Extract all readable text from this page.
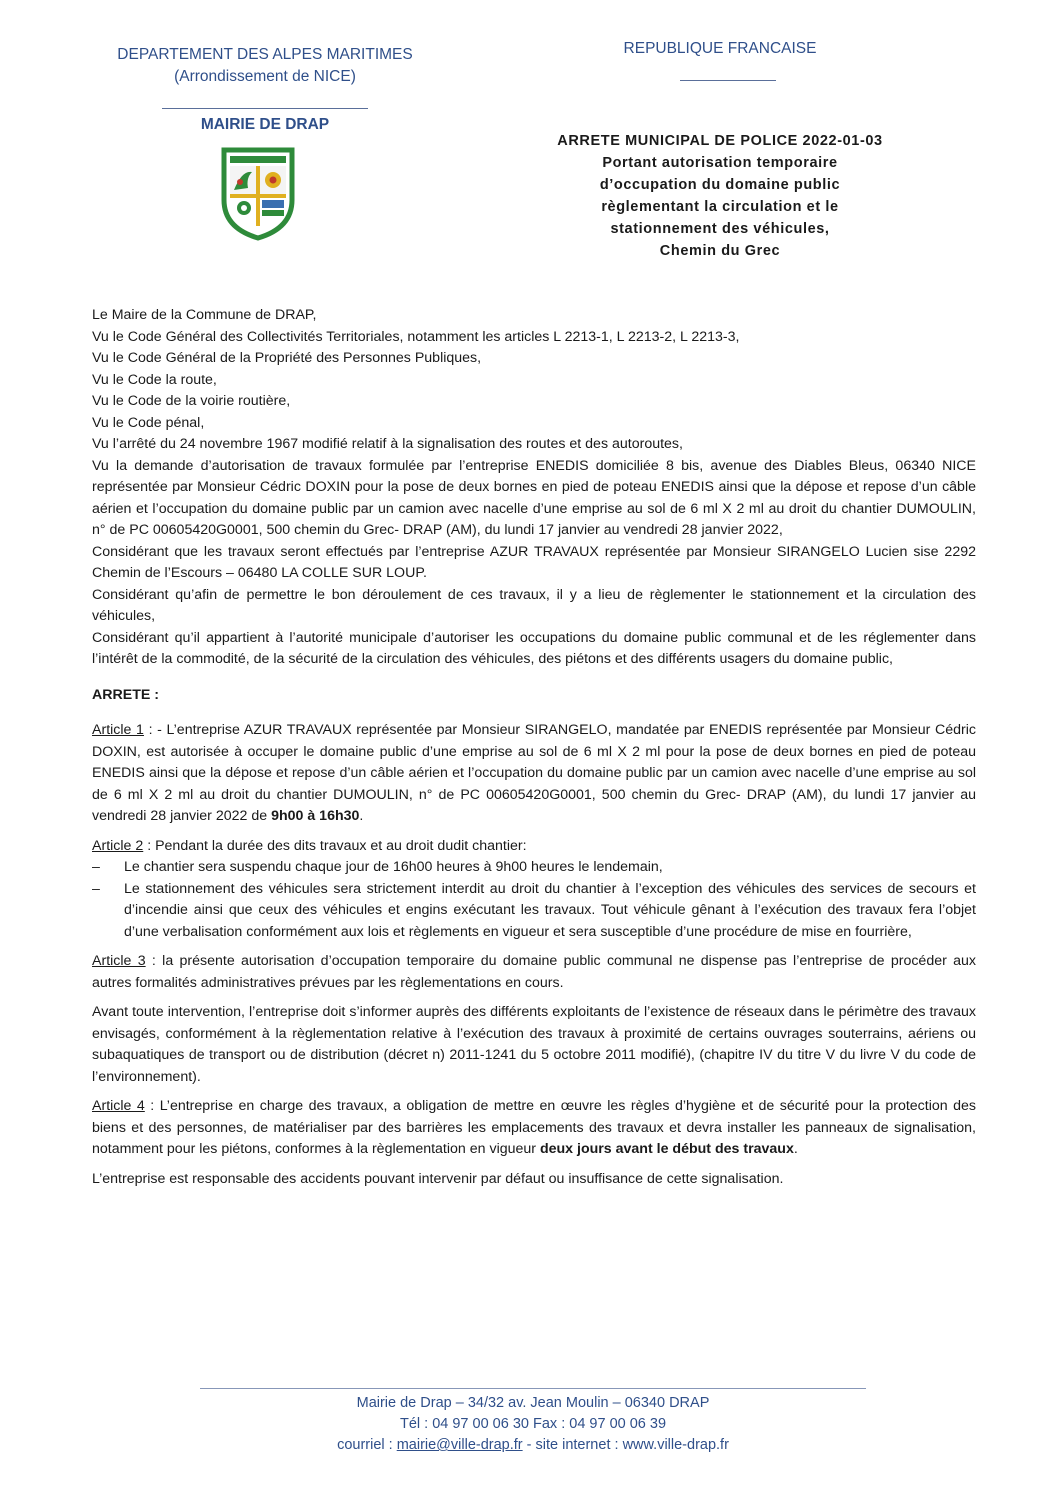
DEPARTEMENT DES ALPES MARITIMES
(Arrondissement de NICE)
MAIRIE DE DRAP
REPUBLIQUE FRANCAISE
ARRETE MUNICIPAL DE POLICE 2022-01-03
Portant autorisation temporaire
d’occupation du domaine public
règlementant la circulation et le
stationnement des véhicules,
Chemin du Grec

Le Maire de la Commune de DRAP,

Vu le Code Général des Collectivités Territoriales, notamment les articles L 2213-1, L 2213-2, L 2213-3,

Vu le Code Général de la Propriété des Personnes Publiques,

Vu le Code la route,

Vu le Code de la voirie routière,

Vu le Code pénal,

Vu l’arrêté du 24 novembre 1967 modifié relatif à la signalisation des routes et des autoroutes,

Vu la demande d’autorisation de travaux formulée par l’entreprise ENEDIS domiciliée 8 bis, avenue des Diables Bleus, 06340 NICE représentée par Monsieur Cédric DOXIN pour la pose de deux bornes en pied de poteau ENEDIS ainsi que la dépose et repose d’un câble aérien et l’occupation du domaine public par un camion avec nacelle d’une emprise au sol de 6 ml X 2 ml au droit du chantier DUMOULIN, n° de PC 00605420G0001, 500 chemin du Grec- DRAP (AM), du lundi 17 janvier au vendredi 28 janvier 2022,

Considérant que les travaux seront effectués par l’entreprise AZUR TRAVAUX représentée par Monsieur SIRANGELO Lucien sise 2292 Chemin de l’Escours – 06480 LA COLLE SUR LOUP.

Considérant qu’afin de permettre le bon déroulement de ces travaux, il y a lieu de règlementer le stationnement et la circulation des véhicules,

Considérant qu’il appartient à l’autorité municipale d’autoriser les occupations du domaine public communal et de les réglementer dans l’intérêt de la commodité, de la sécurité de la circulation des véhicules, des piétons et des différents usagers du domaine public,

ARRETE :

Article 1 : - L’entreprise AZUR TRAVAUX représentée par Monsieur SIRANGELO, mandatée par ENEDIS représentée par Monsieur Cédric DOXIN, est autorisée à occuper le domaine public d’une emprise au sol de 6 ml X 2 ml pour la pose de deux bornes en pied de poteau ENEDIS ainsi que la dépose et repose d’un câble aérien et l’occupation du domaine public par un camion avec nacelle d’une emprise au sol de 6 ml X 2 ml au droit du chantier DUMOULIN, n° de PC 00605420G0001, 500 chemin du Grec- DRAP (AM), du lundi 17 janvier au vendredi 28 janvier 2022 de 9h00 à 16h30.

Article 2 : Pendant la durée des dits travaux et au droit dudit chantier:

– Le chantier sera suspendu chaque jour de 16h00 heures à 9h00 heures le lendemain,

– Le stationnement des véhicules sera strictement interdit au droit du chantier à l’exception des véhicules des services de secours et d’incendie ainsi que ceux des véhicules et engins exécutant les travaux. Tout véhicule gênant à l’exécution des travaux fera l’objet d’une verbalisation conformément aux lois et règlements en vigueur et sera susceptible d’une procédure de mise en fourrière,

Article 3 : la présente autorisation d’occupation temporaire du domaine public communal ne dispense pas l’entreprise de procéder aux autres formalités administratives prévues par les règlementations en cours.

Avant toute intervention, l’entreprise doit s’informer auprès des différents exploitants de l’existence de réseaux dans le périmètre des travaux envisagés, conformément à la règlementation relative à l’exécution des travaux à proximité de certains ouvrages souterrains, aériens ou subaquatiques de transport ou de distribution (décret n) 2011-1241 du 5 octobre 2011 modifié), (chapitre IV du titre V du livre V du code de l’environnement).

Article 4 : L’entreprise en charge des travaux, a obligation de mettre en œuvre les règles d’hygiène et de sécurité pour la protection des biens et des personnes, de matérialiser par des barrières les emplacements des travaux et devra installer les panneaux de signalisation, notamment pour les piétons, conformes à la règlementation en vigueur deux jours avant le début des travaux.

L’entreprise est responsable des accidents pouvant intervenir par défaut ou insuffisance de cette signalisation.

Mairie de Drap – 34/32 av. Jean Moulin – 06340 DRAP
Tél : 04 97 00 06 30 Fax : 04 97 00 06 39
courriel : mairie@ville-drap.fr - site internet : www.ville-drap.fr
